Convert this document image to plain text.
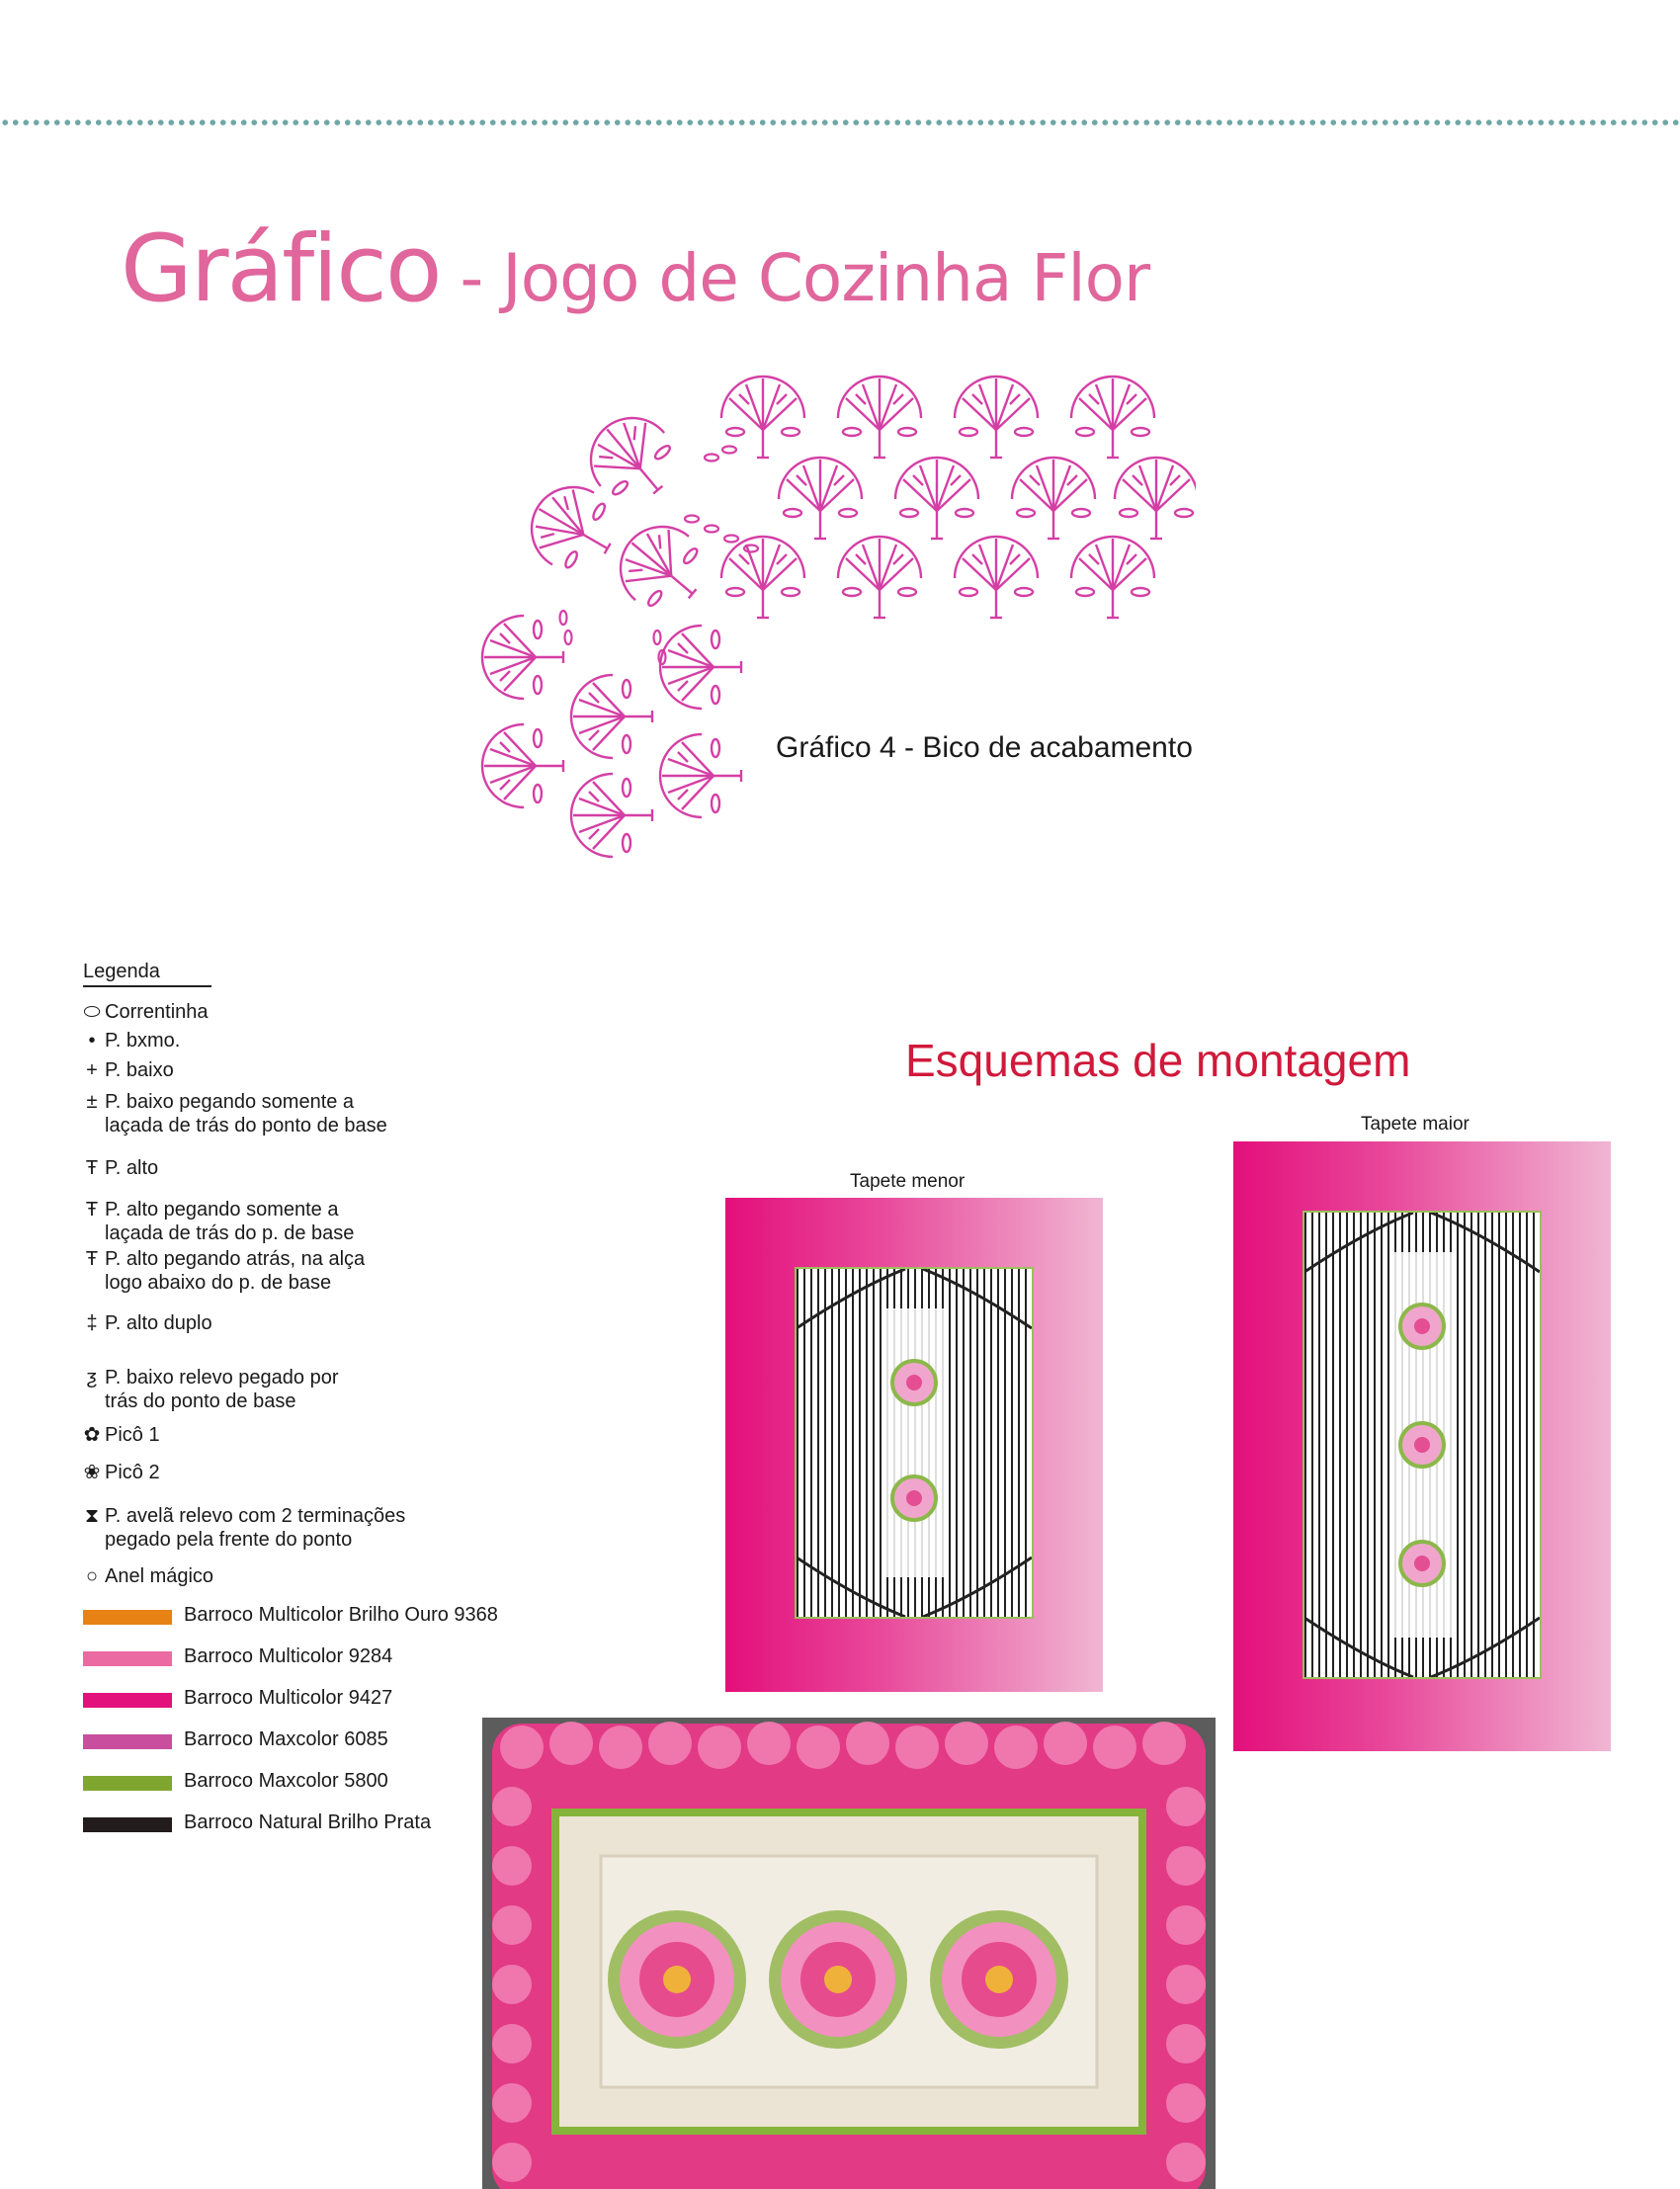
Gráfico - Jogo de Cozinha Flor
Gráfico 4 - Bico de acabamento
Legenda
⬭ Correntinha
• P. bxmo.
+ P. baixo
± P. baixo pegando somente a
laçada de trás do ponto de base
Ŧ P. alto
Ŧ P. alto pegando somente a
laçada de trás do p. de base
Ŧ P. alto pegando atrás, na alça
logo abaixo do p. de base
‡ P. alto duplo
ƺ P. baixo relevo pegado por
trás do ponto de base
✿ Picô 1
❀ Picô 2
⧗ P. avelã relevo com 2 terminações
pegado pela frente do ponto
○ Anel mágico
Barroco Multicolor Brilho Ouro 9368
Barroco Multicolor 9284
Barroco Multicolor 9427
Barroco Maxcolor 6085
Barroco Maxcolor 5800
Barroco Natural Brilho Prata
Esquemas de montagem
Tapete menor
Tapete maior
